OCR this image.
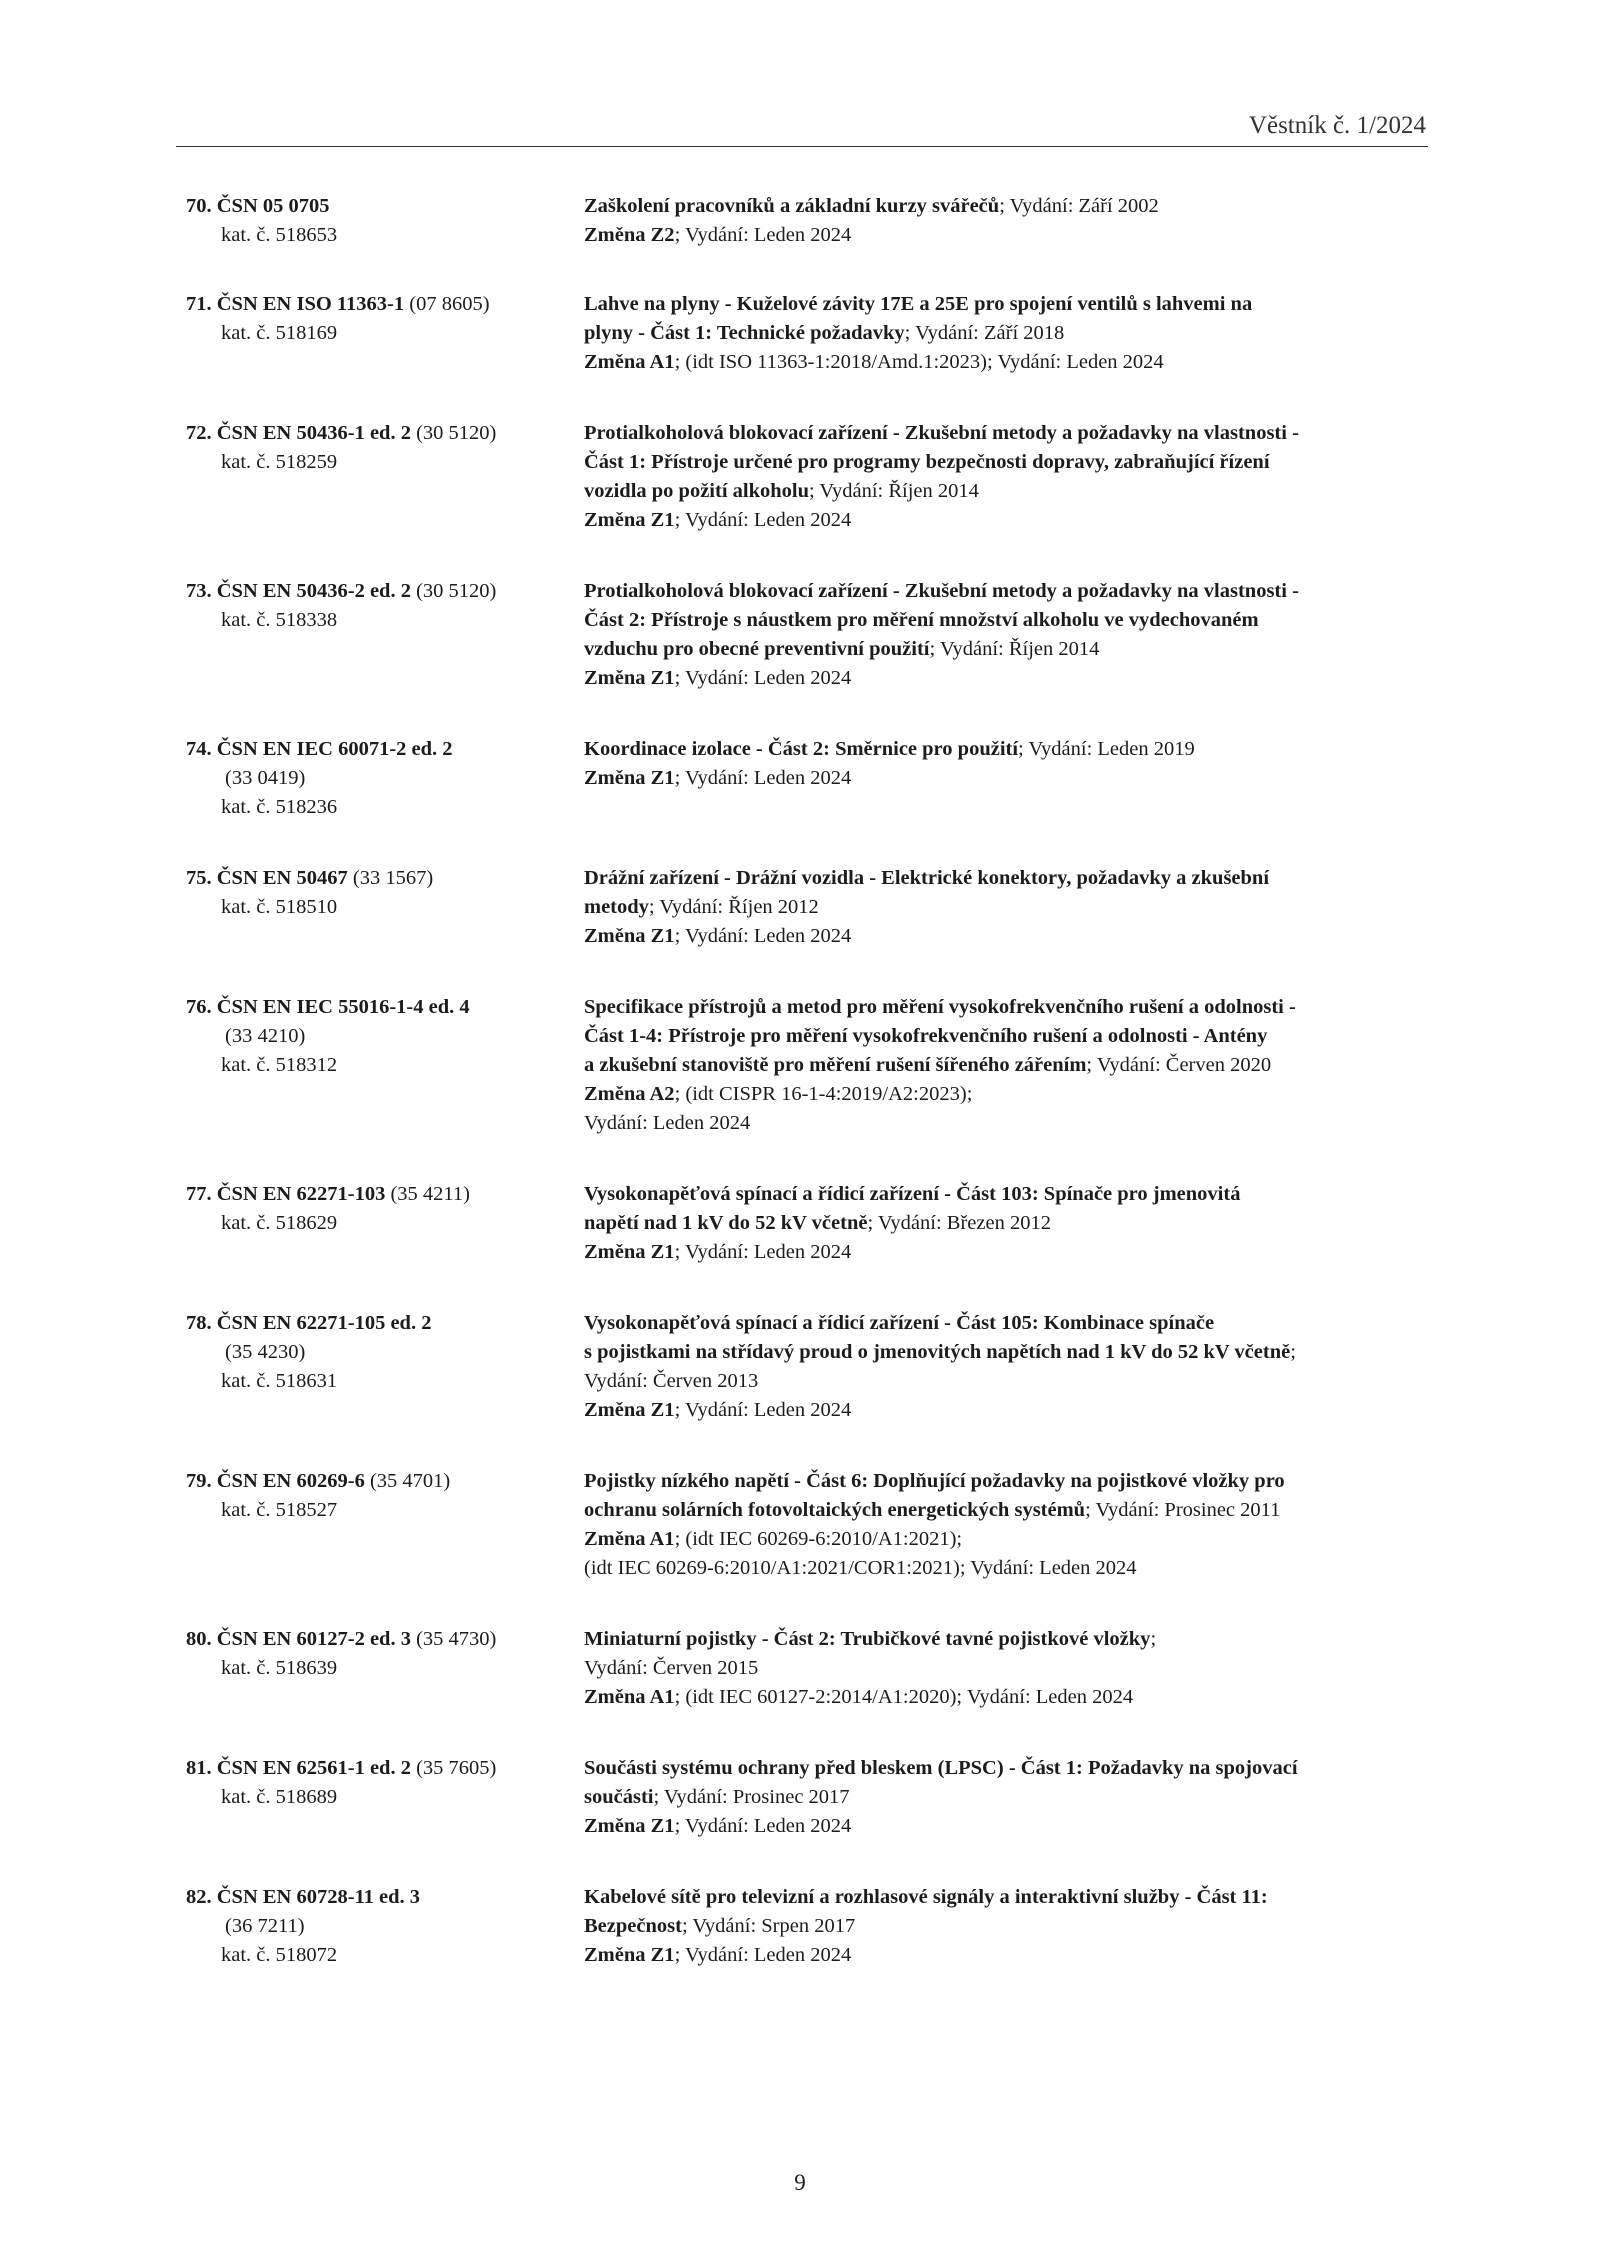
Věstník č. 1/2024
70. ČSN 05 0705
kat. č. 518653
Zaškolení pracovníků a základní kurzy svářečů; Vydání: Září 2002
Změna Z2; Vydání: Leden 2024
71. ČSN EN ISO 11363-1 (07 8605)
kat. č. 518169
Lahve na plyny - Kuželové závity 17E a 25E pro spojení ventilů s lahvemi na
plyny - Část 1: Technické požadavky; Vydání: Září 2018
Změna A1; (idt ISO 11363-1:2018/Amd.1:2023); Vydání: Leden 2024
72. ČSN EN 50436-1 ed. 2 (30 5120)
kat. č. 518259
Protialkoholová blokovací zařízení - Zkušební metody a požadavky na vlastnosti -
Část 1: Přístroje určené pro programy bezpečnosti dopravy, zabraňující řízení
vozidla po požití alkoholu; Vydání: Říjen 2014
Změna Z1; Vydání: Leden 2024
73. ČSN EN 50436-2 ed. 2 (30 5120)
kat. č. 518338
Protialkoholová blokovací zařízení - Zkušební metody a požadavky na vlastnosti -
Část 2: Přístroje s náustkem pro měření množství alkoholu ve vydechovaném
vzduchu pro obecné preventivní použití; Vydání: Říjen 2014
Změna Z1; Vydání: Leden 2024
74. ČSN EN IEC 60071-2 ed. 2
(33 0419)
kat. č. 518236
Koordinace izolace - Část 2: Směrnice pro použití; Vydání: Leden 2019
Změna Z1; Vydání: Leden 2024
75. ČSN EN 50467 (33 1567)
kat. č. 518510
Drážní zařízení - Drážní vozidla - Elektrické konektory, požadavky a zkušební
metody; Vydání: Říjen 2012
Změna Z1; Vydání: Leden 2024
76. ČSN EN IEC 55016-1-4 ed. 4
(33 4210)
kat. č. 518312
Specifikace přístrojů a metod pro měření vysokofrekvenčního rušení a odolnosti -
Část 1-4: Přístroje pro měření vysokofrekvenčního rušení a odolnosti - Antény
a zkušební stanoviště pro měření rušení šířeného zářením; Vydání: Červen 2020
Změna A2; (idt CISPR 16-1-4:2019/A2:2023);
Vydání: Leden 2024
77. ČSN EN 62271-103 (35 4211)
kat. č. 518629
Vysokonapěťová spínací a řídicí zařízení - Část 103: Spínače pro jmenovitá
napětí nad 1 kV do 52 kV včetně; Vydání: Březen 2012
Změna Z1; Vydání: Leden 2024
78. ČSN EN 62271-105 ed. 2
(35 4230)
kat. č. 518631
Vysokonapěťová spínací a řídicí zařízení - Část 105: Kombinace spínače
s pojistkami na střídavý proud o jmenovitých napětích nad 1 kV do 52 kV včetně;
Vydání: Červen 2013
Změna Z1; Vydání: Leden 2024
79. ČSN EN 60269-6 (35 4701)
kat. č. 518527
Pojistky nízkého napětí - Část 6: Doplňující požadavky na pojistkové vložky pro
ochranu solárních fotovoltaických energetických systémů; Vydání: Prosinec 2011
Změna A1; (idt IEC 60269-6:2010/A1:2021);
(idt IEC 60269-6:2010/A1:2021/COR1:2021); Vydání: Leden 2024
80. ČSN EN 60127-2 ed. 3 (35 4730)
kat. č. 518639
Miniaturní pojistky - Část 2: Trubičkové tavné pojistkové vložky;
Vydání: Červen 2015
Změna A1; (idt IEC 60127-2:2014/A1:2020); Vydání: Leden 2024
81. ČSN EN 62561-1 ed. 2 (35 7605)
kat. č. 518689
Součásti systému ochrany před bleskem (LPSC) - Část 1: Požadavky na spojovací
součásti; Vydání: Prosinec 2017
Změna Z1; Vydání: Leden 2024
82. ČSN EN 60728-11 ed. 3
(36 7211)
kat. č. 518072
Kabelové sítě pro televizní a rozhlasové signály a interaktivní služby - Část 11:
Bezpečnost; Vydání: Srpen 2017
Změna Z1; Vydání: Leden 2024
9
